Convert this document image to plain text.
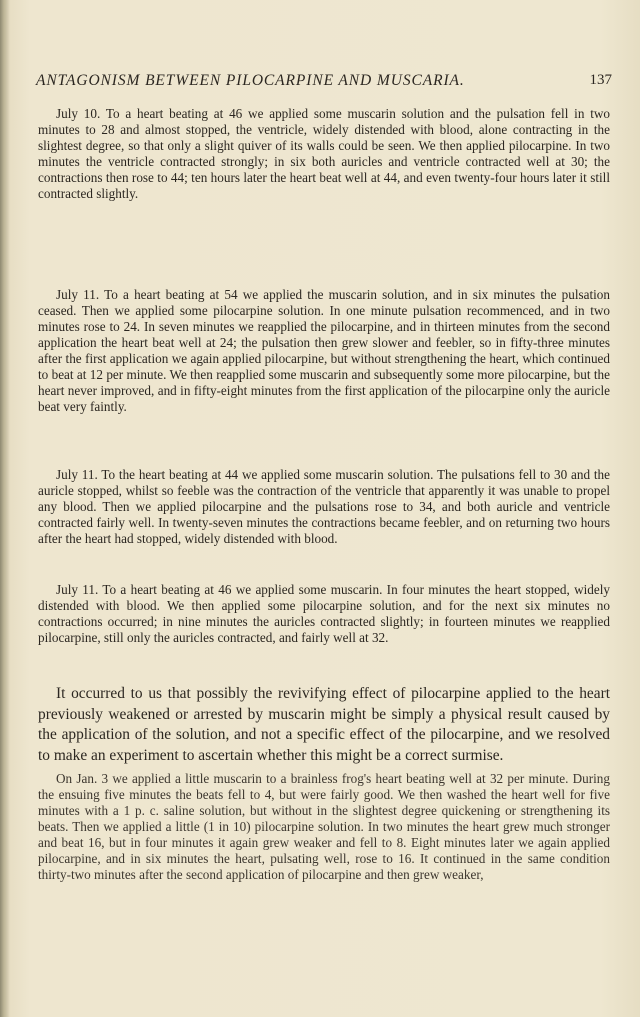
ANTAGONISM BETWEEN PILOCARPINE AND MUSCARIA.	137

July 10. To a heart beating at 46 we applied some muscarin solution and the pulsation fell in two minutes to 28 and almost stopped, the ventricle, widely distended with blood, alone contracting in the slightest degree, so that only a slight quiver of its walls could be seen. We then applied pilocarpine. In two minutes the ventricle contracted strongly; in six both auricles and ventricle contracted well at 30; the contractions then rose to 44; ten hours later the heart beat well at 44, and even twenty-four hours later it still contracted slightly.

July 11. To a heart beating at 54 we applied the muscarin solution, and in six minutes the pulsation ceased. Then we applied some pilocarpine solution. In one minute pulsation recommenced, and in two minutes rose to 24. In seven minutes we reapplied the pilocarpine, and in thirteen minutes from the second application the heart beat well at 24; the pulsation then grew slower and feebler, so in fifty-three minutes after the first application we again applied pilocarpine, but without strengthening the heart, which continued to beat at 12 per minute. We then reapplied some muscarin and subsequently some more pilocarpine, but the heart never improved, and in fifty-eight minutes from the first application of the pilocarpine only the auricle beat very faintly.

July 11. To the heart beating at 44 we applied some muscarin solution. The pulsations fell to 30 and the auricle stopped, whilst so feeble was the contraction of the ventricle that apparently it was unable to propel any blood. Then we applied pilocarpine and the pulsations rose to 34, and both auricle and ventricle contracted fairly well. In twenty-seven minutes the contractions became feebler, and on returning two hours after the heart had stopped, widely distended with blood.

July 11. To a heart beating at 46 we applied some muscarin. In four minutes the heart stopped, widely distended with blood. We then applied some pilocarpine solution, and for the next six minutes no contractions occurred; in nine minutes the auricles contracted slightly; in fourteen minutes we reapplied pilocarpine, still only the auricles contracted, and fairly well at 32.

It occurred to us that possibly the revivifying effect of pilocarpine applied to the heart previously weakened or arrested by muscarin might be simply a physical result caused by the application of the solution, and not a specific effect of the pilocarpine, and we resolved to make an experiment to ascertain whether this might be a correct surmise.

On Jan. 3 we applied a little muscarin to a brainless frog's heart beating well at 32 per minute. During the ensuing five minutes the beats fell to 4, but were fairly good. We then washed the heart well for five minutes with a 1 p. c. saline solution, but without in the slightest degree quickening or strengthening its beats. Then we applied a little (1 in 10) pilocarpine solution. In two minutes the heart grew much stronger and beat 16, but in four minutes it again grew weaker and fell to 8. Eight minutes later we again applied pilocarpine, and in six minutes the heart, pulsating well, rose to 16. It continued in the same condition thirty-two minutes after the second application of pilocarpine and then grew weaker,
